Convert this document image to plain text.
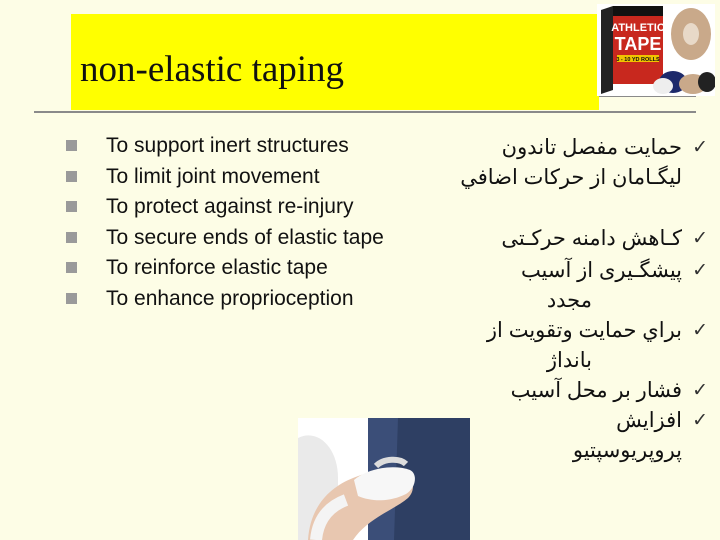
non-elastic taping
ATHLETIC
TAPE
3 - 10 YD ROLLS
To support inert structures
To limit joint movement
To protect against re-injury
To secure ends of elastic tape
To reinforce elastic tape
To enhance proprioception
✓
حمایت مفصل تاندون
لیگـامان از حرکات اضافي
✓
کـاهش دامنه حرکـتی
✓
پیشگـیری از آسیب
مجدد
✓
براي حمایت وتقویت از
بانداژ
✓
فشار بر محل آسیب
✓
افزایش
پروپریوسپتیو
